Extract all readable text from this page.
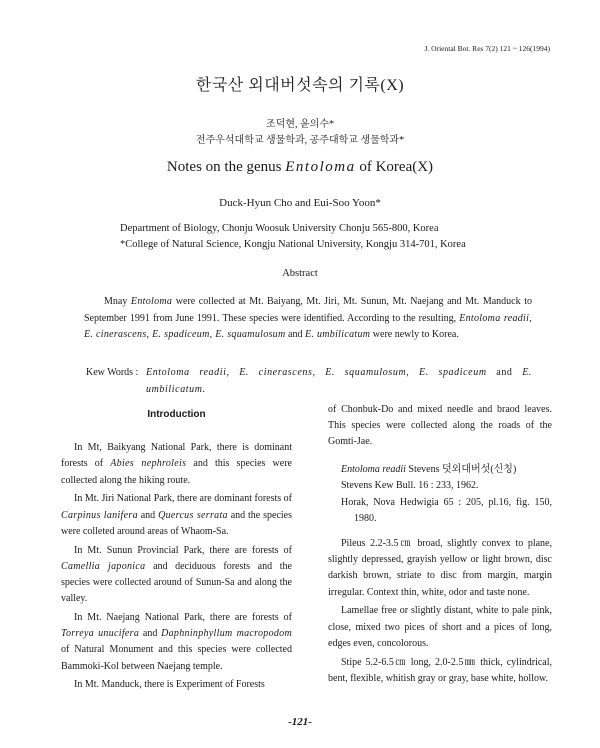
J. Oriental Bot. Res 7(2) 121 ~ 126(1994)
한국산 외대버섯속의 기록(X)
조덕현, 윤의수*
전주우석대학교 생물학과, 공주대학교 생물학과*
Notes on the genus Entoloma of Korea(X)
Duck-Hyun Cho and Eui-Soo Yoon*
Department of Biology, Chonju Woosuk University Chonju 565-800, Korea
*College of Natural Science, Kongju National University, Kongju 314-701, Korea
Abstract
Mnay Entoloma were collected at Mt. Baiyang, Mt. Jiri, Mt. Sunun, Mt. Naejang and Mt. Manduck to September 1991 from June 1991. These species were identified. According to the resulting, Entoloma readii, E. cinerascens, E. spadiceum, E. squamulosum and E. umbilicatum were newly to Korea.
Kew Words : Entoloma readii, E. cinerascens, E. squamulosum, E. spadiceum and E. umbilicatum.
Introduction

In Mt, Baikyang National Park, there is dominant forests of Abies nephroleis and this species were collected along the hiking route.

In Mt. Jiri National Park, there are dominant forests of Carpinus lanifera and Quercus serrata and the species were colleted around areas of Whaom-Sa.

In Mt. Sunun Provincial Park, there are forests of Camellia japonica and deciduous forests and the species were collected around of Sunun-Sa and along the valley.

In Mt. Naejang National Park, there are forests of Torreya unucifera and Daphninphyllum macropodom of Natural Monument and this species were collected Bammoki-Kol between Naejang temple.

In Mt. Manduck, there is Experiment of Forests

of Chonbuk-Do and mixed needle and braod leaves. This species were collected along the roads of the Gomti-Jae.

Entoloma readii Stevens 덧외대버섯(신칭)

Stevens Kew Bull. 16 : 233, 1962.

Horak, Nova Hedwigia 65 : 205, pl.16, fig. 150, 1980.

Pileus 2.2-3.5㎝ broad, slightly convex to plane, slightly depressed, grayish yellow or light brown, disc darkish brown, striate to disc from margin, margin irregular. Context thin, white, odor and taste none.

Lamellae free or slightly distant, white to pale pink, close, mixed two pices of short and a pices of long, edges even, concolorous.

Stipe 5.2-6.5㎝ long, 2.0-2.5㎜ thick, cylindrical, bent, flexible, whitish gray or gray, base white, hollow.

-121-
